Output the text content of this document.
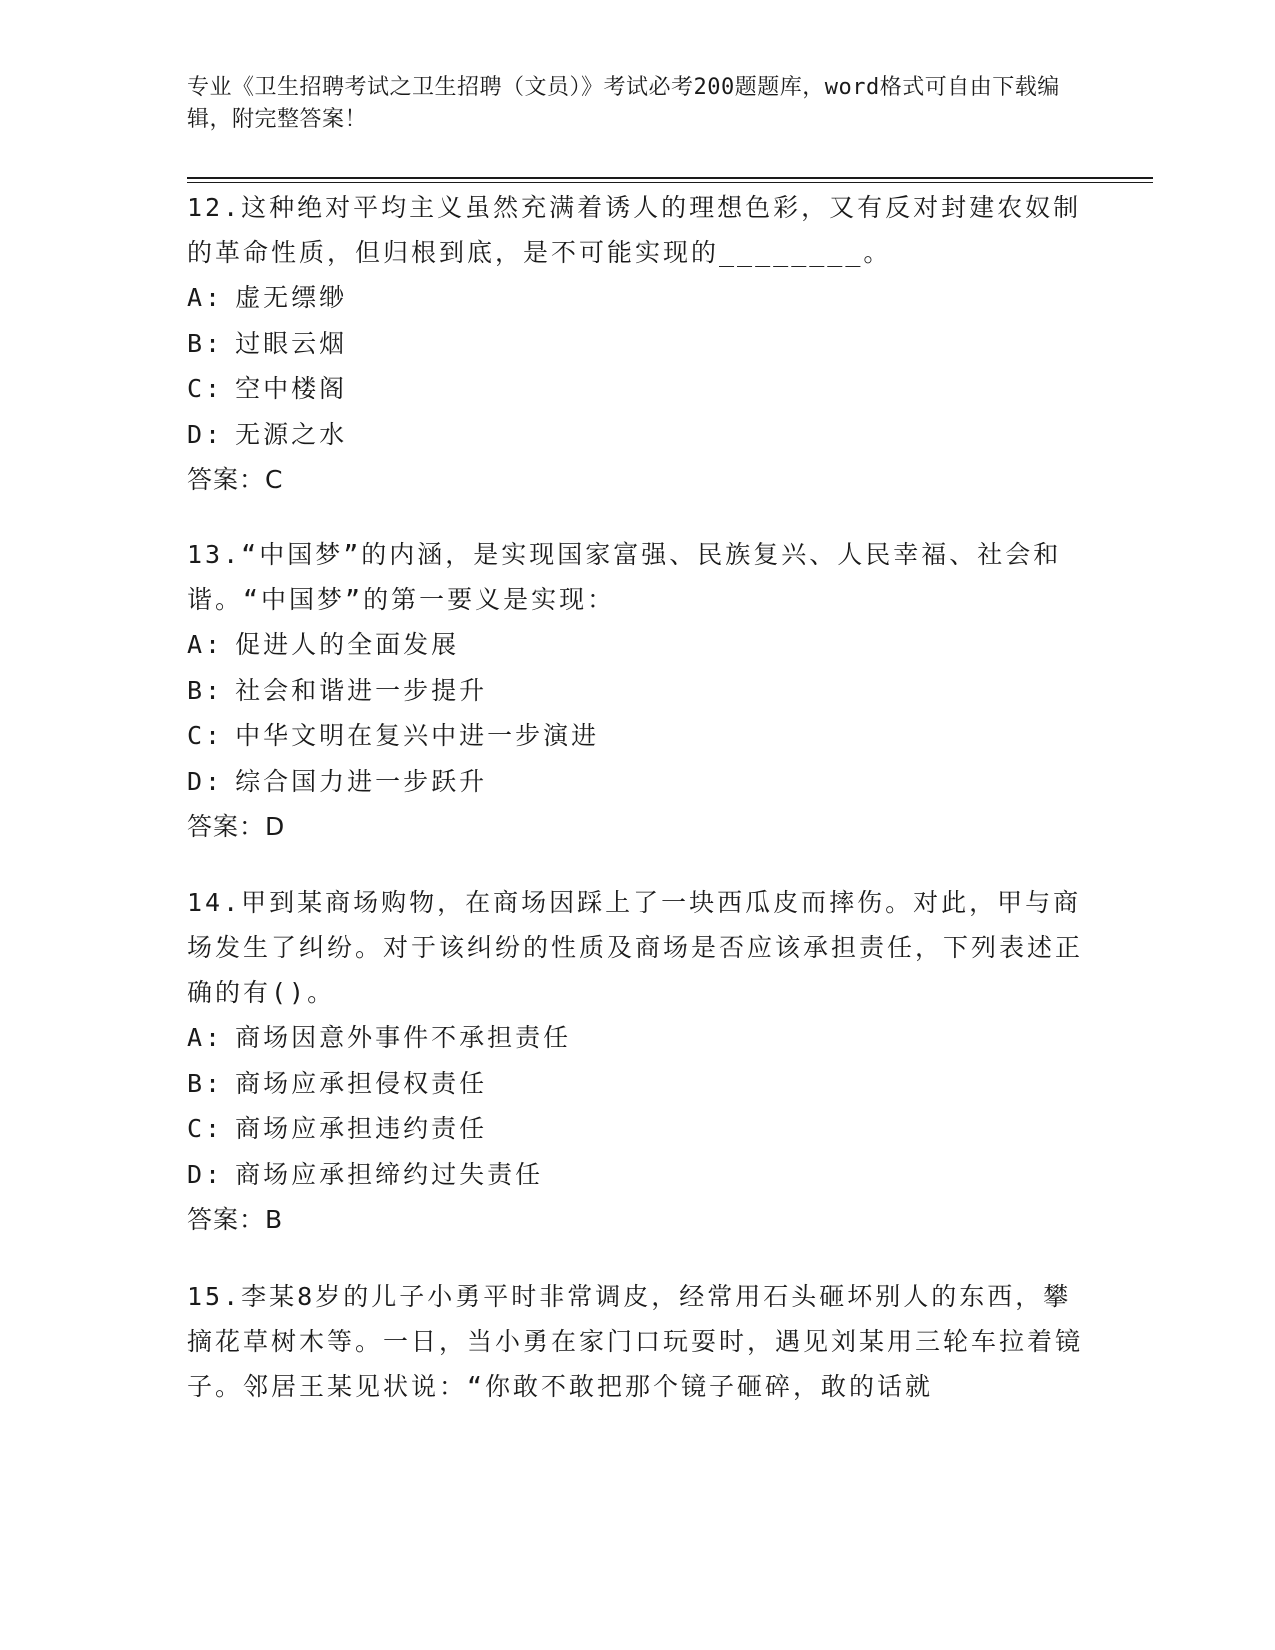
专业《卫生招聘考试之卫生招聘（文员）》考试必考200题题库，word格式可自由下载编辑，附完整答案！

12.这种绝对平均主义虽然充满着诱人的理想色彩，又有反对封建农奴制的革命性质，但归根到底，是不可能实现的________。

A: 虚无缥缈

B: 过眼云烟

C: 空中楼阁

D: 无源之水

答案：C

13.“中国梦”的内涵，是实现国家富强、民族复兴、人民幸福、社会和谐。“中国梦”的第一要义是实现：

A: 促进人的全面发展

B: 社会和谐进一步提升

C: 中华文明在复兴中进一步演进

D: 综合国力进一步跃升

答案：D

14.甲到某商场购物，在商场因踩上了一块西瓜皮而摔伤。对此，甲与商场发生了纠纷。对于该纠纷的性质及商场是否应该承担责任，下列表述正确的有()。

A: 商场因意外事件不承担责任

B: 商场应承担侵权责任

C: 商场应承担违约责任

D: 商场应承担缔约过失责任

答案：B

15.李某8岁的儿子小勇平时非常调皮，经常用石头砸坏别人的东西，攀摘花草树木等。一日，当小勇在家门口玩耍时，遇见刘某用三轮车拉着镜子。邻居王某见状说：“你敢不敢把那个镜子砸碎，敢的话就
